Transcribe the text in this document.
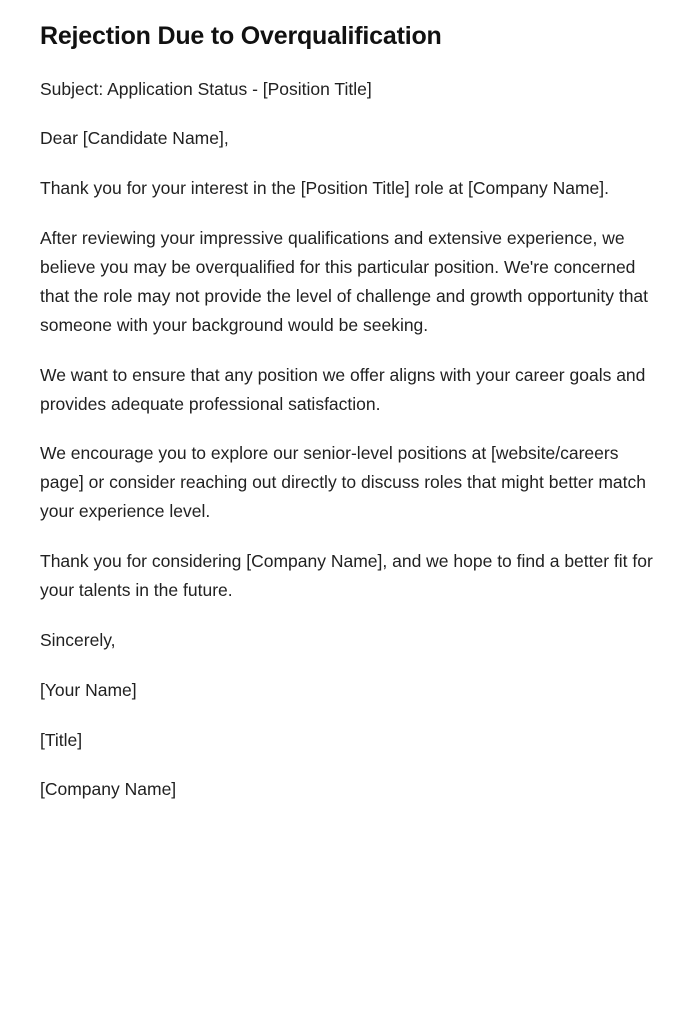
Rejection Due to Overqualification

Subject: Application Status - [Position Title]

Dear [Candidate Name],

Thank you for your interest in the [Position Title] role at [Company Name].

After reviewing your impressive qualifications and extensive experience, we believe you may be overqualified for this particular position. We're concerned that the role may not provide the level of challenge and growth opportunity that someone with your background would be seeking.

We want to ensure that any position we offer aligns with your career goals and provides adequate professional satisfaction.

We encourage you to explore our senior-level positions at [website/careers page] or consider reaching out directly to discuss roles that might better match your experience level.

Thank you for considering [Company Name], and we hope to find a better fit for your talents in the future.

Sincerely,

[Your Name]

[Title]

[Company Name]
